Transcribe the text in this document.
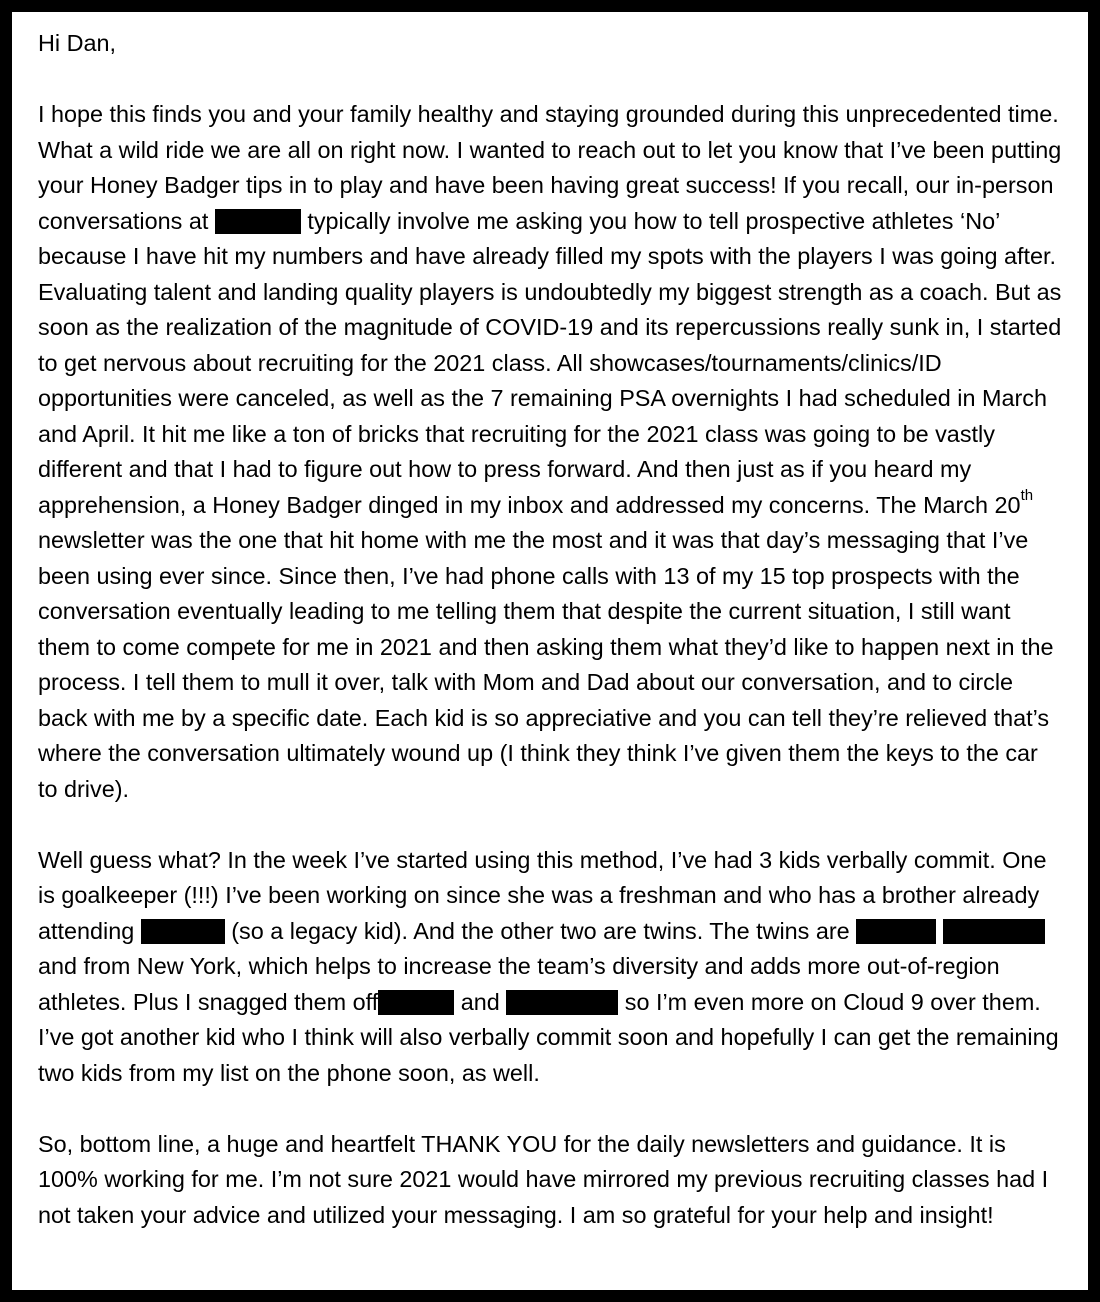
Hi Dan,
I hope this finds you and your family healthy and staying grounded during this unprecedented time. What a wild ride we are all on right now. I wanted to reach out to let you know that I’ve been putting your Honey Badger tips in to play and have been having great success! If you recall, our in-person conversations at	typically involve me asking you how to tell prospective athletes ‘No’ because I have hit my numbers and have already filled my spots with the players I was going after. Evaluating talent and landing quality players is undoubtedly my biggest strength as a coach. But as soon as the realization of the magnitude of COVID-19 and its repercussions really sunk in, I started to get nervous about recruiting for the 2021 class. All showcases/tournaments/clinics/ID opportunities were canceled, as well as the 7 remaining PSA overnights I had scheduled in March and April. It hit me like a ton of bricks that recruiting for the 2021 class was going to be vastly different and that I had to figure out how to press forward. And then just as if you heard my apprehension, a Honey Badger dinged in my inbox and addressed my concerns. The March 20th newsletter was the one that hit home with me the most and it was that day’s messaging that I’ve been using ever since. Since then, I’ve had phone calls with 13 of my 15 top prospects with the conversation eventually leading to me telling them that despite the current situation, I still want them to come compete for me in 2021 and then asking them what they’d like to happen next in the process. I tell them to mull it over, talk with Mom and Dad about our conversation, and to circle back with me by a specific date. Each kid is so appreciative and you can tell they’re relieved that’s where the conversation ultimately wound up (I think they think I’ve given them the keys to the car to drive).
Well guess what? In the week I’ve started using this method, I’ve had 3 kids verbally commit. One is goalkeeper (!!!) I’ve been working on since she was a freshman and who has a brother already attending	(so a legacy kid). And the other two are twins. The twins are   and from New York, which helps to increase the team’s diversity and adds more out-of-region athletes. Plus I snagged them off	and	so I’m even more on Cloud 9 over them. I’ve got another kid who I think will also verbally commit soon and hopefully I can get the remaining two kids from my list on the phone soon, as well.
So, bottom line, a huge and heartfelt THANK YOU for the daily newsletters and guidance. It is 100% working for me. I’m not sure 2021 would have mirrored my previous recruiting classes had I not taken your advice and utilized your messaging. I am so grateful for your help and insight!
